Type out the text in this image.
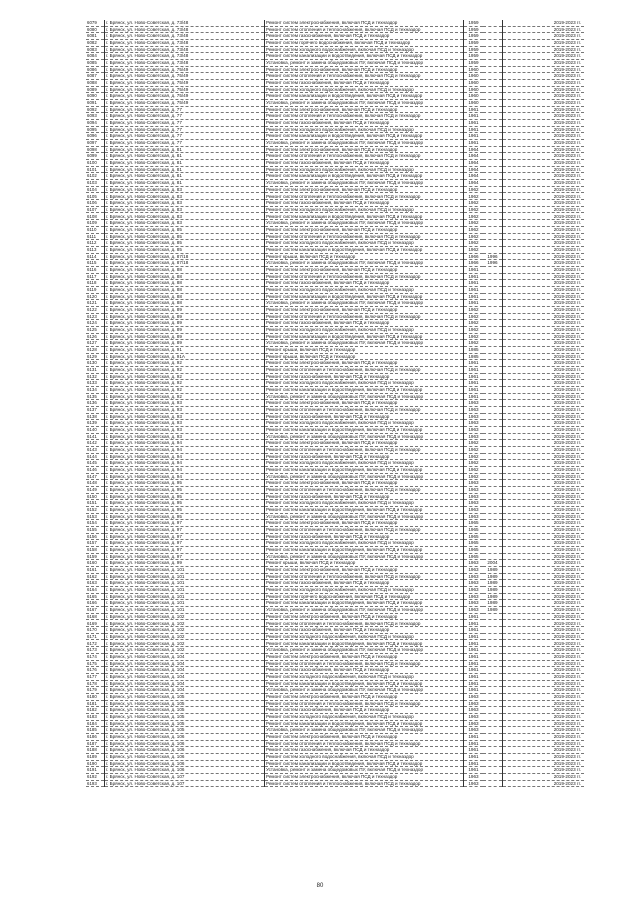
6079	г. Брянск, ул. Ново-Советская, д. 73/48	Ремонт систем электроснабжения, включая ПСД и техназдор	1959		2019-2023 гг.
6080	г. Брянск, ул. Ново-Советская, д. 73/48	Ремонт систем отопления и теплоснабжения, включая ПСД и техназдор	1959		2019-2023 гг.
6081	г. Брянск, ул. Ново-Советская, д. 73/48	Ремонт систем газоснабжения, включая ПСД и техназдор	1959		2019-2023 гг.
6082	г. Брянск, ул. Ново-Советская, д. 73/48	Ремонт систем горячего водоснабжения, включая ПСД и техназдор	1959		2019-2023 гг.
6083	г. Брянск, ул. Ново-Советская, д. 73/48	Ремонт систем холодного водоснабжения, включая ПСД и техназдор	1959		2019-2023 гг.
6084	г. Брянск, ул. Ново-Советская, д. 73/48	Ремонт систем канализации и водоотведения, включая ПСД и техназдор	1959		2019-2023 гг.
6085	г. Брянск, ул. Ново-Советская, д. 73/48	Установка, ремонт и замена общедомовых ПУ, включая ПСД и техназдор	1959		2019-2023 гг.
6086	г. Брянск, ул. Ново-Советская, д. 75/49	Ремонт систем электроснабжения, включая ПСД и техназдор	1960		2019-2023 гг.
6087	г. Брянск, ул. Ново-Советская, д. 75/49	Ремонт систем отопления и теплоснабжения, включая ПСД и техназдор	1960		2019-2023 гг.
6088	г. Брянск, ул. Ново-Советская, д. 75/49	Ремонт систем газоснабжения, включая ПСД и техназдор	1960		2019-2023 гг.
6089	г. Брянск, ул. Ново-Советская, д. 75/49	Ремонт систем холодного водоснабжения, включая ПСД и техназдор	1960		2019-2023 гг.
6090	г. Брянск, ул. Ново-Советская, д. 75/49	Ремонт систем канализации и водоотведения, включая ПСД и техназдор	1960		2019-2023 гг.
6091	г. Брянск, ул. Ново-Советская, д. 75/49	Установка, ремонт и замена общедомовых ПУ, включая ПСД и техназдор	1960		2019-2023 гг.
6092	г. Брянск, ул. Ново-Советская, д. 77	Ремонт систем электроснабжения, включая ПСД и техназдор	1961		2019-2023 гг.
6093	г. Брянск, ул. Ново-Советская, д. 77	Ремонт систем отопления и теплоснабжения, включая ПСД и техназдор	1961		2019-2023 гг.
6094	г. Брянск, ул. Ново-Советская, д. 77	Ремонт систем газоснабжения, включая ПСД и техназдор	1961		2019-2023 гг.
6095	г. Брянск, ул. Ново-Советская, д. 77	Ремонт систем холодного водоснабжения, включая ПСД и техназдор	1961		2019-2023 гг.
6096	г. Брянск, ул. Ново-Советская, д. 77	Ремонт систем канализации и водоотведения, включая ПСД и техназдор	1961		2019-2023 гг.
6097	г. Брянск, ул. Ново-Советская, д. 77	Установка, ремонт и замена общедомовых ПУ, включая ПСД и техназдор	1961		2019-2023 гг.
6098	г. Брянск, ул. Ново-Советская, д. 81	Ремонт систем электроснабжения, включая ПСД и техназдор	1964		2019-2023 гг.
6099	г. Брянск, ул. Ново-Советская, д. 81	Ремонт систем отопления и теплоснабжения, включая ПСД и техназдор	1964		2019-2023 гг.
6100	г. Брянск, ул. Ново-Советская, д. 81	Ремонт систем газоснабжения, включая ПСД и техназдор	1964		2019-2023 гг.
6101	г. Брянск, ул. Ново-Советская, д. 81	Ремонт систем холодного водоснабжения, включая ПСД и техназдор	1964		2019-2023 гг.
6102	г. Брянск, ул. Ново-Советская, д. 81	Ремонт систем канализации и водоотведения, включая ПСД и техназдор	1964		2019-2023 гг.
6103	г. Брянск, ул. Ново-Советская, д. 81	Установка, ремонт и замена общедомовых ПУ, включая ПСД и техназдор	1964		2019-2023 гг.
6104	г. Брянск, ул. Ново-Советская, д. 83	Ремонт систем электроснабжения, включая ПСД и техназдор	1962		2019-2023 гг.
6105	г. Брянск, ул. Ново-Советская, д. 83	Ремонт систем отопления и теплоснабжения, включая ПСД и техназдор	1962		2019-2023 гг.
6106	г. Брянск, ул. Ново-Советская, д. 83	Ремонт систем газоснабжения, включая ПСД и техназдор	1962		2019-2023 гг.
6107	г. Брянск, ул. Ново-Советская, д. 83	Ремонт систем холодного водоснабжения, включая ПСД и техназдор	1962		2019-2023 гг.
6108	г. Брянск, ул. Ново-Советская, д. 83	Ремонт систем канализации и водоотведения, включая ПСД и техназдор	1962		2019-2023 гг.
6109	г. Брянск, ул. Ново-Советская, д. 83	Установка, ремонт и замена общедомовых ПУ, включая ПСД и техназдор	1962		2019-2023 гг.
6110	г. Брянск, ул. Ново-Советская, д. 85	Ремонт систем электроснабжения, включая ПСД и техназдор	1962		2019-2023 гг.
6111	г. Брянск, ул. Ново-Советская, д. 85	Ремонт систем отопления и теплоснабжения, включая ПСД и техназдор	1962		2019-2023 гг.
6112	г. Брянск, ул. Ново-Советская, д. 85	Ремонт систем холодного водоснабжения, включая ПСД и техназдор	1962		2019-2023 гг.
6113	г. Брянск, ул. Ново-Советская, д. 85	Ремонт систем канализации и водоотведения, включая ПСД и техназдор	1962		2019-2023 гг.
6114	г. Брянск, ул. Ново-Советская, д. 87/18	Ремонт крыши, включая ПСД и техназдор	1966	1996	2019-2023 гг.
6115	г. Брянск, ул. Ново-Советская, д. 87/18	Установка, ремонт и замена общедомовых ПУ, включая ПСД и техназдор	1966	1996	2019-2023 гг.
6116	г. Брянск, ул. Ново-Советская, д. 88	Ремонт систем электроснабжения, включая ПСД и техназдор	1961		2019-2023 гг.
6117	г. Брянск, ул. Ново-Советская, д. 88	Ремонт систем отопления и теплоснабжения, включая ПСД и техназдор	1961		2019-2023 гг.
6118	г. Брянск, ул. Ново-Советская, д. 88	Ремонт систем газоснабжения, включая ПСД и техназдор	1961		2019-2023 гг.
6119	г. Брянск, ул. Ново-Советская, д. 88	Ремонт систем холодного водоснабжения, включая ПСД и техназдор	1961		2019-2023 гг.
6120	г. Брянск, ул. Ново-Советская, д. 88	Ремонт систем канализации и водоотведения, включая ПСД и техназдор	1961		2019-2023 гг.
6121	г. Брянск, ул. Ново-Советская, д. 88	Установка, ремонт и замена общедомовых ПУ, включая ПСД и техназдор	1961		2019-2023 гг.
6122	г. Брянск, ул. Ново-Советская, д. 89	Ремонт систем электроснабжения, включая ПСД и техназдор	1962		2019-2023 гг.
6123	г. Брянск, ул. Ново-Советская, д. 89	Ремонт систем отопления и теплоснабжения, включая ПСД и техназдор	1962		2019-2023 гг.
6124	г. Брянск, ул. Ново-Советская, д. 89	Ремонт систем газоснабжения, включая ПСД и техназдор	1962		2019-2023 гг.
6125	г. Брянск, ул. Ново-Советская, д. 89	Ремонт систем холодного водоснабжения, включая ПСД и техназдор	1962		2019-2023 гг.
6126	г. Брянск, ул. Ново-Советская, д. 89	Ремонт систем канализации и водоотведения, включая ПСД и техназдор	1962		2019-2023 гг.
6127	г. Брянск, ул. Ново-Советская, д. 89	Установка, ремонт и замена общедомовых ПУ, включая ПСД и техназдор	1962		2019-2023 гг.
6128	г. Брянск, ул. Ново-Советская, д. 91	Ремонт крыши, включая ПСД и техназдор	1985		2019-2023 гг.
6129	г. Брянск, ул. Ново-Советская, д. 91А	Ремонт крыши, включая ПСД и техназдор	1985		2019-2023 гг.
6130	г. Брянск, ул. Ново-Советская, д. 92	Ремонт систем электроснабжения, включая ПСД и техназдор	1961		2019-2023 гг.
6131	г. Брянск, ул. Ново-Советская, д. 92	Ремонт систем отопления и теплоснабжения, включая ПСД и техназдор	1961		2019-2023 гг.
6132	г. Брянск, ул. Ново-Советская, д. 92	Ремонт систем газоснабжения, включая ПСД и техназдор	1961		2019-2023 гг.
6133	г. Брянск, ул. Ново-Советская, д. 92	Ремонт систем холодного водоснабжения, включая ПСД и техназдор	1961		2019-2023 гг.
6134	г. Брянск, ул. Ново-Советская, д. 92	Ремонт систем канализации и водоотведения, включая ПСД и техназдор	1961		2019-2023 гг.
6135	г. Брянск, ул. Ново-Советская, д. 92	Установка, ремонт и замена общедомовых ПУ, включая ПСД и техназдор	1961		2019-2023 гг.
6136	г. Брянск, ул. Ново-Советская, д. 93	Ремонт систем электроснабжения, включая ПСД и техназдор	1963		2019-2023 гг.
6137	г. Брянск, ул. Ново-Советская, д. 93	Ремонт систем отопления и теплоснабжения, включая ПСД и техназдор	1963		2019-2023 гг.
6138	г. Брянск, ул. Ново-Советская, д. 93	Ремонт систем газоснабжения, включая ПСД и техназдор	1963		2019-2023 гг.
6139	г. Брянск, ул. Ново-Советская, д. 93	Ремонт систем холодного водоснабжения, включая ПСД и техназдор	1963		2019-2023 гг.
6140	г. Брянск, ул. Ново-Советская, д. 93	Ремонт систем канализации и водоотведения, включая ПСД и техназдор	1963		2019-2023 гг.
6141	г. Брянск, ул. Ново-Советская, д. 93	Установка, ремонт и замена общедомовых ПУ, включая ПСД и техназдор	1963		2019-2023 гг.
6142	г. Брянск, ул. Ново-Советская, д. 94	Ремонт систем электроснабжения, включая ПСД и техназдор	1962		2019-2023 гг.
6143	г. Брянск, ул. Ново-Советская, д. 94	Ремонт систем отопления и теплоснабжения, включая ПСД и техназдор	1962		2019-2023 гг.
6144	г. Брянск, ул. Ново-Советская, д. 94	Ремонт систем газоснабжения, включая ПСД и техназдор	1962		2019-2023 гг.
6145	г. Брянск, ул. Ново-Советская, д. 94	Ремонт систем холодного водоснабжения, включая ПСД и техназдор	1962		2019-2023 гг.
6146	г. Брянск, ул. Ново-Советская, д. 94	Ремонт систем канализации и водоотведения, включая ПСД и техназдор	1962		2019-2023 гг.
6147	г. Брянск, ул. Ново-Советская, д. 94	Установка, ремонт и замена общедомовых ПУ, включая ПСД и техназдор	1962		2019-2023 гг.
6148	г. Брянск, ул. Ново-Советская, д. 95	Ремонт систем электроснабжения, включая ПСД и техназдор	1963		2019-2023 гг.
6149	г. Брянск, ул. Ново-Советская, д. 95	Ремонт систем отопления и теплоснабжения, включая ПСД и техназдор	1963		2019-2023 гг.
6150	г. Брянск, ул. Ново-Советская, д. 95	Ремонт систем газоснабжения, включая ПСД и техназдор	1963		2019-2023 гг.
6151	г. Брянск, ул. Ново-Советская, д. 95	Ремонт систем холодного водоснабжения, включая ПСД и техназдор	1963		2019-2023 гг.
6152	г. Брянск, ул. Ново-Советская, д. 95	Ремонт систем канализации и водоотведения, включая ПСД и техназдор	1963		2019-2023 гг.
6153	г. Брянск, ул. Ново-Советская, д. 95	Установка, ремонт и замена общедомовых ПУ, включая ПСД и техназдор	1963		2019-2023 гг.
6154	г. Брянск, ул. Ново-Советская, д. 97	Ремонт систем электроснабжения, включая ПСД и техназдор	1965		2019-2023 гг.
6155	г. Брянск, ул. Ново-Советская, д. 97	Ремонт систем отопления и теплоснабжения, включая ПСД и техназдор	1965		2019-2023 гг.
6156	г. Брянск, ул. Ново-Советская, д. 97	Ремонт систем газоснабжения, включая ПСД и техназдор	1965		2019-2023 гг.
6157	г. Брянск, ул. Ново-Советская, д. 97	Ремонт систем холодного водоснабжения, включая ПСД и техназдор	1965		2019-2023 гг.
6158	г. Брянск, ул. Ново-Советская, д. 97	Ремонт систем канализации и водоотведения, включая ПСД и техназдор	1965		2019-2023 гг.
6159	г. Брянск, ул. Ново-Советская, д. 97	Установка, ремонт и замена общедомовых ПУ, включая ПСД и техназдор	1965		2019-2023 гг.
6160	г. Брянск, ул. Ново-Советская, д. 99	Ремонт крыши, включая ПСД и техназдор	1963	2004	2019-2023 гг.
6161	г. Брянск, ул. Ново-Советская, д. 101	Ремонт систем электроснабжения, включая ПСД и техназдор	1963	1989	2019-2023 гг.
6162	г. Брянск, ул. Ново-Советская, д. 101	Ремонт систем отопления и теплоснабжения, включая ПСД и техназдор	1963	1989	2019-2023 гг.
6163	г. Брянск, ул. Ново-Советская, д. 101	Ремонт систем газоснабжения, включая ПСД и техназдор	1963	1989	2019-2023 гг.
6164	г. Брянск, ул. Ново-Советская, д. 101	Ремонт систем холодного водоснабжения, включая ПСД и техназдор	1963	1989	2019-2023 гг.
6165	г. Брянск, ул. Ново-Советская, д. 101	Ремонт систем горячего водоснабжения, включая ПСД и техназдор	1963	1989	2019-2023 гг.
6166	г. Брянск, ул. Ново-Советская, д. 101	Ремонт систем канализации и водоотведения, включая ПСД и техназдор	1963	1989	2019-2023 гг.
6167	г. Брянск, ул. Ново-Советская, д. 101	Установка, ремонт и замена общедомовых ПУ, включая ПСД и техназдор	1963	1989	2019-2023 гг.
6168	г. Брянск, ул. Ново-Советская, д. 102	Ремонт систем электроснабжения, включая ПСД и техназдор	1961		2019-2023 гг.
6169	г. Брянск, ул. Ново-Советская, д. 102	Ремонт систем отопления и теплоснабжения, включая ПСД и техназдор	1961		2019-2023 гг.
6170	г. Брянск, ул. Ново-Советская, д. 102	Ремонт систем газоснабжения, включая ПСД и техназдор	1961		2019-2023 гг.
6171	г. Брянск, ул. Ново-Советская, д. 102	Ремонт систем холодного водоснабжения, включая ПСД и техназдор	1961		2019-2023 гг.
6172	г. Брянск, ул. Ново-Советская, д. 102	Ремонт систем канализации и водоотведения, включая ПСД и техназдор	1961		2019-2023 гг.
6173	г. Брянск, ул. Ново-Советская, д. 102	Установка, ремонт и замена общедомовых ПУ, включая ПСД и техназдор	1961		2019-2023 гг.
6174	г. Брянск, ул. Ново-Советская, д. 104	Ремонт систем электроснабжения, включая ПСД и техназдор	1961		2019-2023 гг.
6175	г. Брянск, ул. Ново-Советская, д. 104	Ремонт систем отопления и теплоснабжения, включая ПСД и техназдор	1961		2019-2023 гг.
6176	г. Брянск, ул. Ново-Советская, д. 104	Ремонт систем газоснабжения, включая ПСД и техназдор	1961		2019-2023 гг.
6177	г. Брянск, ул. Ново-Советская, д. 104	Ремонт систем холодного водоснабжения, включая ПСД и техназдор	1961		2019-2023 гг.
6178	г. Брянск, ул. Ново-Советская, д. 104	Ремонт систем канализации и водоотведения, включая ПСД и техназдор	1961		2019-2023 гг.
6179	г. Брянск, ул. Ново-Советская, д. 104	Установка, ремонт и замена общедомовых ПУ, включая ПСД и техназдор	1961		2019-2023 гг.
6180	г. Брянск, ул. Ново-Советская, д. 105	Ремонт систем электроснабжения, включая ПСД и техназдор	1963		2019-2023 гг.
6181	г. Брянск, ул. Ново-Советская, д. 105	Ремонт систем отопления и теплоснабжения, включая ПСД и техназдор	1963		2019-2023 гг.
6182	г. Брянск, ул. Ново-Советская, д. 105	Ремонт систем газоснабжения, включая ПСД и техназдор	1963		2019-2023 гг.
6183	г. Брянск, ул. Ново-Советская, д. 105	Ремонт систем холодного водоснабжения, включая ПСД и техназдор	1963		2019-2023 гг.
6184	г. Брянск, ул. Ново-Советская, д. 105	Ремонт систем канализации и водоотведения, включая ПСД и техназдор	1963		2019-2023 гг.
6185	г. Брянск, ул. Ново-Советская, д. 105	Установка, ремонт и замена общедомовых ПУ, включая ПСД и техназдор	1963		2019-2023 гг.
6186	г. Брянск, ул. Ново-Советская, д. 106	Ремонт систем электроснабжения, включая ПСД и техназдор	1961		2019-2023 гг.
6187	г. Брянск, ул. Ново-Советская, д. 106	Ремонт систем отопления и теплоснабжения, включая ПСД и техназдор	1961		2019-2023 гг.
6188	г. Брянск, ул. Ново-Советская, д. 106	Ремонт систем газоснабжения, включая ПСД и техназдор	1961		2019-2023 гг.
6189	г. Брянск, ул. Ново-Советская, д. 106	Ремонт систем холодного водоснабжения, включая ПСД и техназдор	1961		2019-2023 гг.
6190	г. Брянск, ул. Ново-Советская, д. 106	Ремонт систем канализации и водоотведения, включая ПСД и техназдор	1961		2019-2023 гг.
6191	г. Брянск, ул. Ново-Советская, д. 106	Установка, ремонт и замена общедомовых ПУ, включая ПСД и техназдор	1961		2019-2023 гг.
6192	г. Брянск, ул. Ново-Советская, д. 107	Ремонт систем электроснабжения, включая ПСД и техназдор	1963		2019-2023 гг.
6193	г. Брянск, ул. Ново-Советская, д. 107	Ремонт систем отопления и теплоснабжения, включая ПСД и техназдор	1963		2019-2023 гг.
80
